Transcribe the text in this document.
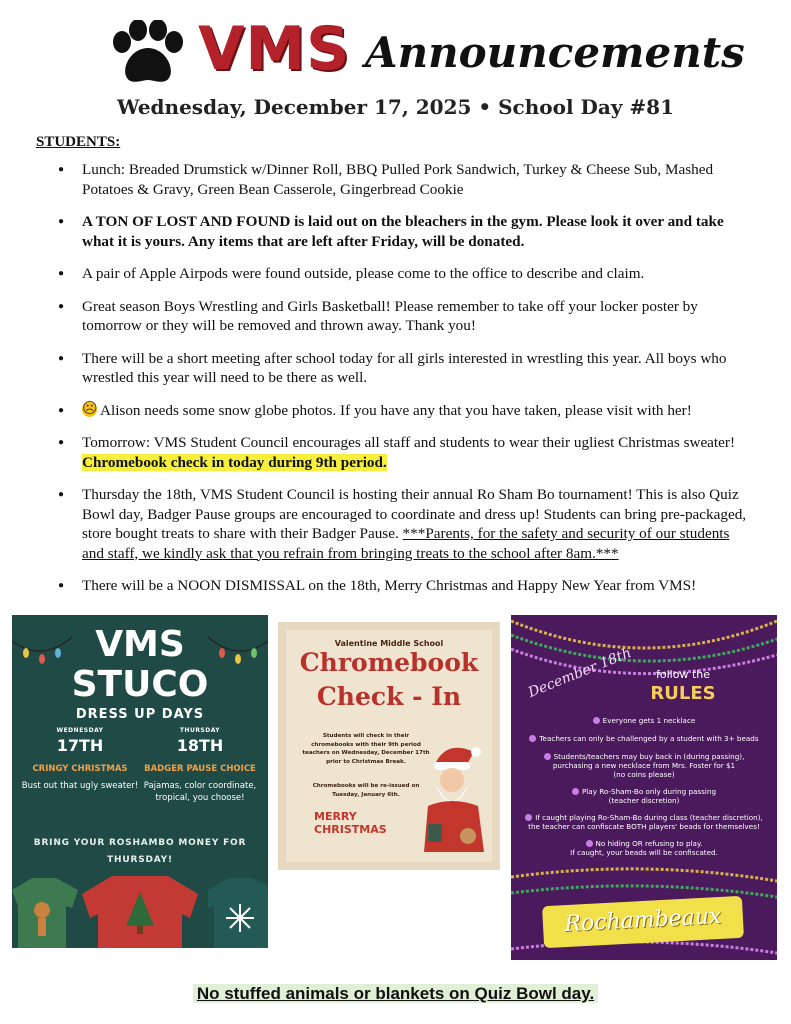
VMS Announcements
Wednesday, December 17, 2025 • School Day #81
STUDENTS:
● Lunch: Breaded Drumstick w/Dinner Roll, BBQ Pulled Pork Sandwich, Turkey & Cheese Sub, Mashed Potatoes & Gravy, Green Bean Casserole, Gingerbread Cookie
● A TON OF LOST AND FOUND is laid out on the bleachers in the gym. Please look it over and take what it is yours. Any items that are left after Friday, will be donated.
● A pair of Apple Airpods were found outside, please come to the office to describe and claim.
● Great season Boys Wrestling and Girls Basketball! Please remember to take off your locker poster by tomorrow or they will be removed and thrown away. Thank you!
● There will be a short meeting after school today for all girls interested in wrestling this year. All boys who wrestled this year will need to be there as well.
☹● Alison needs some snow globe photos. If you have any that you have taken, please visit with her!
● Tomorrow: VMS Student Council encourages all staff and students to wear their ugliest Christmas sweater! Chromebook check in today during 9th period.
● Thursday the 18th, VMS Student Council is hosting their annual Ro Sham Bo tournament! This is also Quiz Bowl day, Badger Pause groups are encouraged to coordinate and dress up! Students can bring pre-packaged, store bought treats to share with their Badger Pause. ***Parents, for the safety and security of our students and staff, we kindly ask that you refrain from bringing treats to the school after 8am.***
● There will be a NOON DISMISSAL on the 18th, Merry Christmas and Happy New Year from VMS!
VMS
STUCO
DRESS UP DAYS
WEDNESDAY
17TH
CRINGY CHRISTMAS
Bust out that ugly sweater!
THURSDAY
18TH
BADGER PAUSE CHOICE
Pajamas, color coordinate, tropical, you choose!
BRING YOUR ROSHAMBO MONEY FOR THURSDAY!
Valentine Middle School
Chromebook
Check - In
Students will check in their chromebooks with their 9th period teachers on Wednesday, December 17th prior to Christmas Break.
Chromebooks will be re-issued on Tuesday, January 6th.
MERRY
CHRISTMAS
December 18th	follow the
RULES
Everyone gets 1 necklace
Teachers can only be challenged by a student with 3+ beads
Students/teachers may buy back in (during passing),
purchasing a new necklace from Mrs. Foster for $1
(no coins please)
Play Ro-Sham-Bo only during passing
(teacher discretion)
If caught playing Ro-Sham-Bo during class (teacher discretion),
the teacher can confiscate BOTH players' beads for themselves!
No hiding OR refusing to play.
If caught, your beads will be confiscated.
Rochambeaux
No stuffed animals or blankets on Quiz Bowl day.
